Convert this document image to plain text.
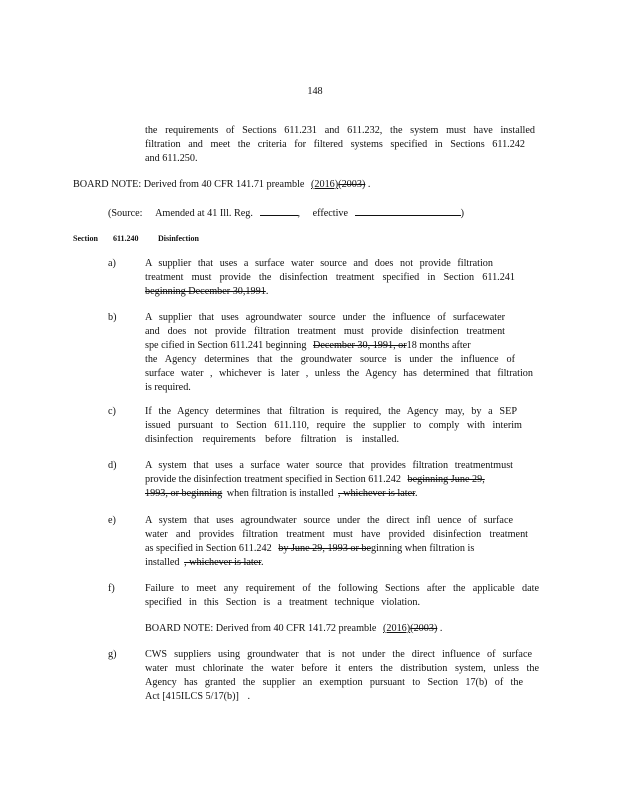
148
the requirements of Sections 611.231 and 611.232, the system must have installed
filtration and meet the criteria for filtered systems specified in Sections 611.242
and 611.250.
BOARD NOTE: Derived from 40 CFR 141.71 preamble (2016)(2003) .
(Source: Amended at 41 Ill. Reg.	, effective	)
Section 611.240 Disinfection
a)	A supplier that uses a surface water source and does not provide filtration
treatment must provide the disinfection treatment specified in Section 611.241
beginning December 30,1991.
b)	A supplier that uses agroundwater source under the influence of surfacewater
and does not provide filtration treatment must provide disinfection treatment
spe cified in Section 611.241 beginning December 30, 1991, or18 months after
the Agency determines that the groundwater source is under the influence of
surface water , whichever is later , unless the Agency has determined that filtration
is required.
c)	If the Agency determines that filtration is required, the Agency may, by a SEP
issued pursuant to Section 611.110, require the supplier to comply with interim
disinfection requirements before filtration is installed.
d)	A system that uses a surface water source that provides filtration treatmentmust
provide the disinfection treatment specified in Section 611.242 beginning June 29,
1993, or beginning when filtration is installed , whichever is later.
e)	A system that uses agroundwater source under the direct infl uence of surface
water and provides filtration treatment must have provided disinfection treatment
as specified in Section 611.242 by June 29, 1993 or beginning when filtration is
installed , whichever is later.
f)	Failure to meet any requirement of the following Sections after the applicable date
specified in this Section is a treatment technique violation.
BOARD NOTE: Derived from 40 CFR 141.72 preamble (2016)(2003) .
g)	CWS suppliers using groundwater that is not under the direct influence of surface
water must chlorinate the water before it enters the distribution system, unless the
Agency has granted the supplier an exemption pursuant to Section 17(b) of the
Act [415ILCS 5/17(b)] .
